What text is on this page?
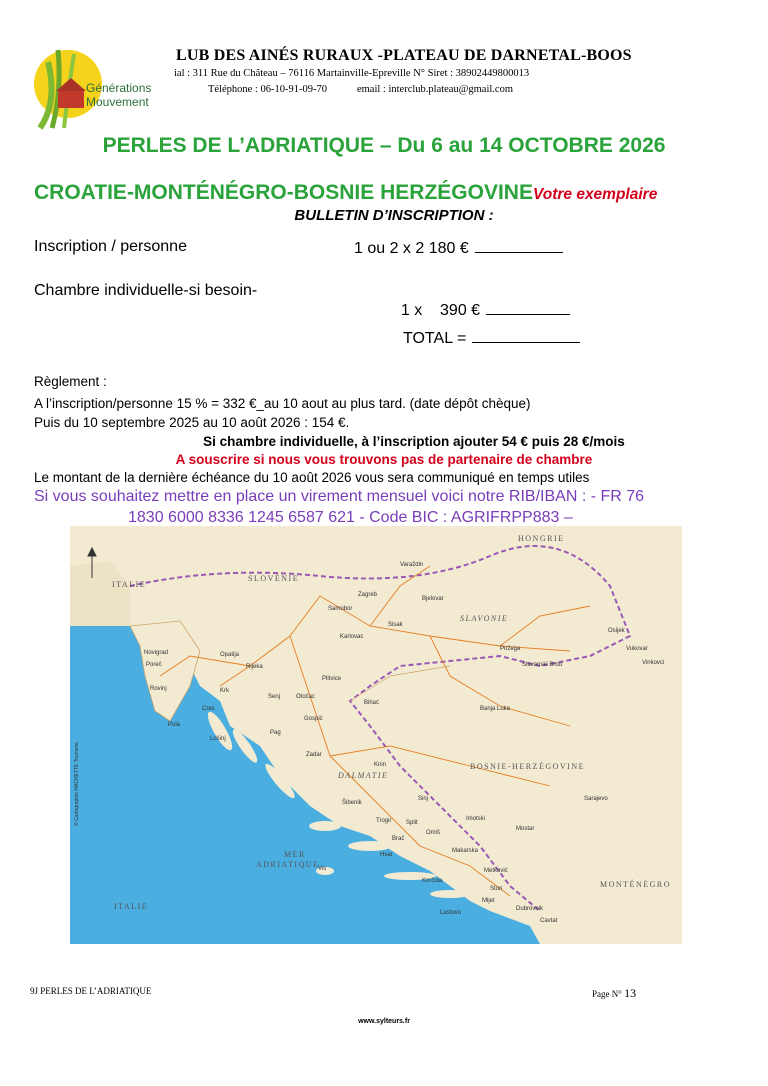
Générations
Mouvement
LUB DES AINÉS RURAUX -PLATEAU DE DARNETAL-BOOS
ial : 311 Rue du Château – 76116 Martainville-Epreville N° Siret : 38902449800013
Téléphone : 06-10-91-09-70	email : interclub.plateau@gmail.com
PERLES DE L’ADRIATIQUE – Du 6 au 14 OCTOBRE 2026
CROATIE-MONTÉNÉGRO-BOSNIE HERZÉGOVINEVotre exemplaire
BULLETIN D’INSCRIPTION :
Inscription / personne	1 ou 2 x 2 180 €
Chambre individuelle-si besoin-

1 x    390 €

TOTAL =
Règlement :
A l’inscription/personne 15 % = 332 €_au 10 aout au plus tard. (date dépôt chèque)
Puis du 10 septembre 2025 au 10 août 2026 : 154 €.
Si chambre individuelle, à l’inscription ajouter 54 € puis 28 €/mois
A souscrire si nous vous trouvons pas de partenaire de chambre
Le montant de la dernière échéance du 10 août 2026 vous sera communiqué en temps utiles
Si vous souhaitez mettre en place un virement mensuel voici notre RIB/IBAN : - FR 76
1830 6000 8336 1245 6587 621 - Code BIC : AGRIFRPP883 –
HONGRIE
SLOVÉNIE
ITALIE
SLAVONIE
BOSNIE-HERZÉGOVINE
DALMATIE
MER
ADRIATIQUE
MONTÉNÉGRO
ITALIE
© Cartographie HACHETTE Tourisme
Varaždin
Zagreb
Samobor
Karlovac
Bjelovar
Osijek
Vukovar
Požega
Rijeka
Opatija
Pula
Rovinj
Poreč
Novigrad
Senj
Zadar
Šibenik
Split
Trogir
Makarska
Hvar
Korčula
Dubrovnik
Mostar
Sarajevo
Banja Luka
Bihać
Vinkovci
Slavonski Brod
Sisak
Plitvice
Krk
Cres
Lošinj
Pag
Vis
Mljet
Lastovo
Brač
Omiš
Ston
Cavtat
Gospić
Otočac
Knin
Sinj
Imotski
Metković
9J PERLES DE L’ADRIATIQUE	Page N° 13
www.sylteurs.fr
